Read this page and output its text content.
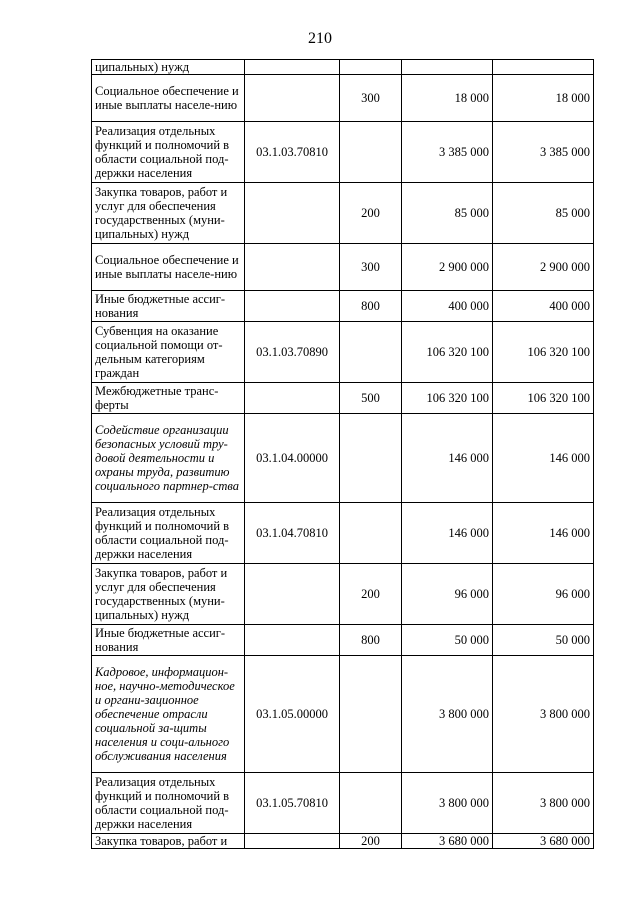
210
ципальных) нужд				
Социальное обеспечение и иные выплаты населе-нию		300	18 000	18 000
Реализация отдельных функций и полномочий в области социальной под-держки населения	03.1.03.70810		3 385 000	3 385 000
Закупка товаров, работ и услуг для обеспечения государственных (муни-ципальных) нужд		200	85 000	85 000
Социальное обеспечение и иные выплаты населе-нию		300	2 900 000	2 900 000
Иные бюджетные ассиг-нования		800	400 000	400 000
Субвенция на оказание социальной помощи от-дельным категориям граждан	03.1.03.70890		106 320 100	106 320 100
Межбюджетные транс-ферты		500	106 320 100	106 320 100
Содействие организации безопасных условий тру-довой деятельности и охраны труда, развитию социального партнер-ства	03.1.04.00000		146 000	146 000
Реализация отдельных функций и полномочий в области социальной под-держки населения	03.1.04.70810		146 000	146 000
Закупка товаров, работ и услуг для обеспечения государственных (муни-ципальных) нужд		200	96 000	96 000
Иные бюджетные ассиг-нования		800	50 000	50 000
Кадровое, информацион-ное, научно-методическое и органи-зационное обеспечение отрасли социальной за-щиты населения и соци-ального обслуживания населения	03.1.05.00000		3 800 000	3 800 000
Реализация отдельных функций и полномочий в области социальной под-держки населения	03.1.05.70810		3 800 000	3 800 000
Закупка товаров, работ и		200	3 680 000	3 680 000
